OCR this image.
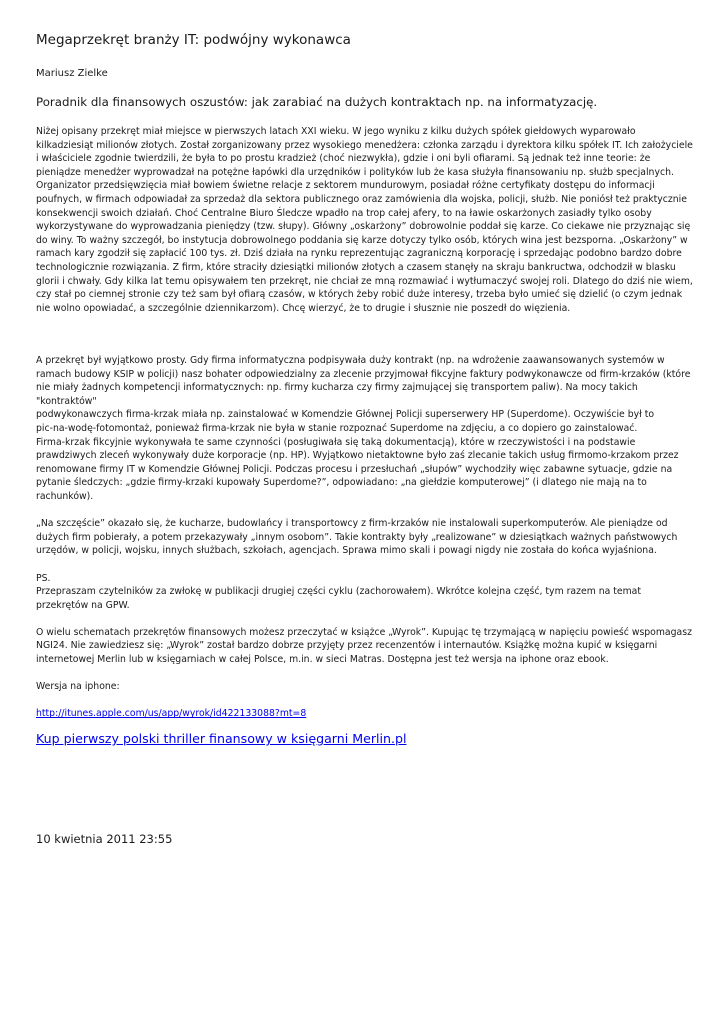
Megaprzekręt branży IT: podwójny wykonawca
Mariusz Zielke
Poradnik dla finansowych oszustów: jak zarabiać na dużych kontraktach np. na informatyzację.

Niżej opisany przekręt miał miejsce w pierwszych latach XXI wieku. W jego wyniku z kilku dużych spółek giełdowych wyparowało

kilkadziesiąt milionów złotych. Został zorganizowany przez wysokiego menedżera: członka zarządu i dyrektora kilku spółek IT. Ich założyciele

i właściciele zgodnie twierdzili, że była to po prostu kradzież (choć niezwykła), gdzie i oni byli ofiarami. Są jednak też inne teorie: że

pieniądze menedżer wyprowadzał na potężne łapówki dla urzędników i polityków lub że kasa służyła finansowaniu np. służb specjalnych.

Organizator przedsięwzięcia miał bowiem świetne relacje z sektorem mundurowym, posiadał różne certyfikaty dostępu do informacji

poufnych, w firmach odpowiadał za sprzedaż dla sektora publicznego oraz zamówienia dla wojska, policji, służb. Nie poniósł też praktycznie

konsekwencji swoich działań. Choć Centralne Biuro Śledcze wpadło na trop całej afery, to na ławie oskarżonych zasiadły tylko osoby

wykorzystywane do wyprowadzania pieniędzy (tzw. słupy). Główny „oskarżony” dobrowolnie poddał się karze. Co ciekawe nie przyznając się

do winy. To ważny szczegół, bo instytucja dobrowolnego poddania się karze dotyczy tylko osób, których wina jest bezsporna. „Oskarżony” w

ramach kary zgodził się zapłacić 100 tys. zł. Dziś działa na rynku reprezentując zagraniczną korporację i sprzedając podobno bardzo dobre

technologicznie rozwiązania. Z firm, które straciły dziesiątki milionów złotych a czasem stanęły na skraju bankructwa, odchodził w blasku

glorii i chwały. Gdy kilka lat temu opisywałem ten przekręt, nie chciał ze mną rozmawiać i wytłumaczyć swojej roli. Dlatego do dziś nie wiem,

czy stał po ciemnej stronie czy też sam był ofiarą czasów, w których żeby robić duże interesy, trzeba było umieć się dzielić (o czym jednak

nie wolno opowiadać, a szczególnie dziennikarzom). Chcę wierzyć, że to drugie i słusznie nie poszedł do więzienia.

A przekręt był wyjątkowo prosty. Gdy firma informatyczna podpisywała duży kontrakt (np. na wdrożenie zaawansowanych systemów w

ramach budowy KSIP w policji) nasz bohater odpowiedzialny za zlecenie przyjmował fikcyjne faktury podwykonawcze od firm-krzaków (które

nie miały żadnych kompetencji informatycznych: np. firmy kucharza czy firmy zajmującej się transportem paliw). Na mocy takich

"kontraktów"

podwykonawczych firma-krzak miała np. zainstalować w Komendzie Głównej Policji superserwery HP (Superdome). Oczywiście był to

pic-na-wodę-fotomontaż, ponieważ firma-krzak nie była w stanie rozpoznać Superdome na zdjęciu, a co dopiero go zainstalować.

Firma-krzak fikcyjnie wykonywała te same czynności (posługiwała się taką dokumentacją), które w rzeczywistości i na podstawie

prawdziwych zleceń wykonywały duże korporacje (np. HP). Wyjątkowo nietaktowne było zaś zlecanie takich usług firmomo-krzakom przez

renomowane firmy IT w Komendzie Głównej Policji. Podczas procesu i przesłuchań „słupów” wychodziły więc zabawne sytuacje, gdzie na

pytanie śledczych: „gdzie firmy-krzaki kupowały Superdome?”, odpowiadano: „na giełdzie komputerowej” (i dlatego nie mają na to

rachunków).

„Na szczęście” okazało się, że kucharze, budowlańcy i transportowcy z firm-krzaków nie instalowali superkomputerów. Ale pieniądze od

dużych firm pobierały, a potem przekazywały „innym osobom”. Takie kontrakty były „realizowane” w dziesiątkach ważnych państwowych

urzędów, w policji, wojsku, innych służbach, szkołach, agencjach. Sprawa mimo skali i powagi nigdy nie została do końca wyjaśniona.

PS.

Przepraszam czytelników za zwłokę w publikacji drugiej części cyklu (zachorowałem). Wkrótce kolejna część, tym razem na temat

przekrętów na GPW.

O wielu schematach przekrętów finansowych możesz przeczytać w książce „Wyrok”. Kupując tę trzymającą w napięciu powieść wspomagasz

NGI24. Nie zawiedziesz się: „Wyrok” został bardzo dobrze przyjęty przez recenzentów i internautów. Książkę można kupić w księgarni

internetowej Merlin lub w księgarniach w całej Polsce, m.in. w sieci Matras. Dostępna jest też wersja na iphone oraz ebook.

Wersja na iphone:

http://itunes.apple.com/us/app/wyrok/id422133088?mt=8

Kup pierwszy polski thriller finansowy w księgarni Merlin.pl
10 kwietnia 2011 23:55
